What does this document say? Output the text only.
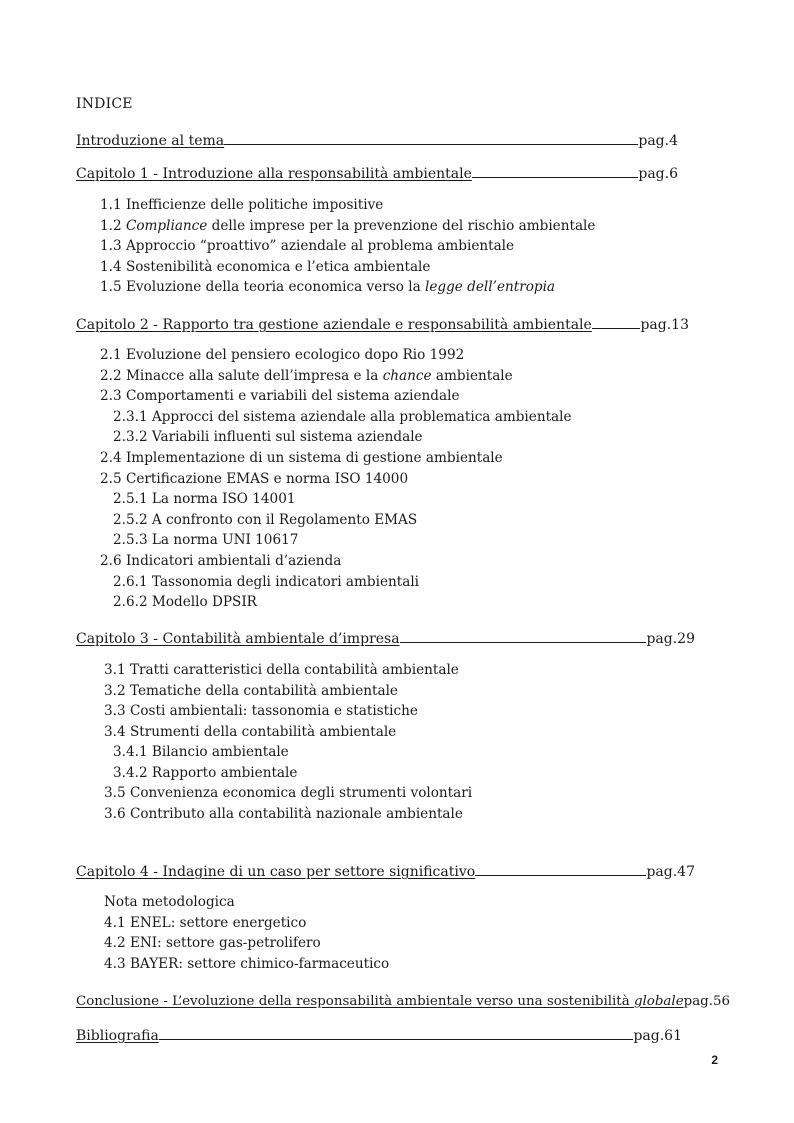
INDICE
Introduzione al tema	pag.4
Capitolo 1 - Introduzione alla responsabilità ambientale	pag.6
1.1 Inefficienze delle politiche impositive
1.2 Compliance delle imprese per la prevenzione del rischio ambientale
1.3 Approccio “proattivo” aziendale al problema ambientale
1.4 Sostenibilità economica e l’etica ambientale
1.5 Evoluzione della teoria economica verso la legge dell’entropia
Capitolo 2 - Rapporto tra gestione aziendale e responsabilità ambientale	pag.13
2.1 Evoluzione del pensiero ecologico dopo Rio 1992
2.2 Minacce alla salute dell’impresa e la chance ambientale
2.3 Comportamenti e variabili del sistema aziendale
2.3.1 Approcci del sistema aziendale alla problematica ambientale
2.3.2 Variabili influenti sul sistema aziendale
2.4 Implementazione di un sistema di gestione ambientale
2.5 Certificazione EMAS e norma ISO 14000
2.5.1 La norma ISO 14001
2.5.2 A confronto con il Regolamento EMAS
2.5.3 La norma UNI 10617
2.6 Indicatori ambientali d’azienda
2.6.1 Tassonomia degli indicatori ambientali
2.6.2 Modello DPSIR
Capitolo 3 - Contabilità ambientale d’impresa	pag.29
3.1 Tratti caratteristici della contabilità ambientale
3.2 Tematiche della contabilità ambientale
3.3 Costi ambientali: tassonomia e statistiche
3.4 Strumenti della contabilità ambientale
3.4.1 Bilancio ambientale
3.4.2 Rapporto ambientale
3.5 Convenienza economica degli strumenti volontari
3.6 Contributo alla contabilità nazionale ambientale
Capitolo 4 - Indagine di un caso per settore significativo	pag.47
Nota metodologica
4.1 ENEL: settore energetico
4.2 ENI: settore gas-petrolifero
4.3 BAYER: settore chimico-farmaceutico
Conclusione - L’evoluzione della responsabilità ambientale verso una sostenibilità globale pag.56
Bibliografia	pag.61
2
